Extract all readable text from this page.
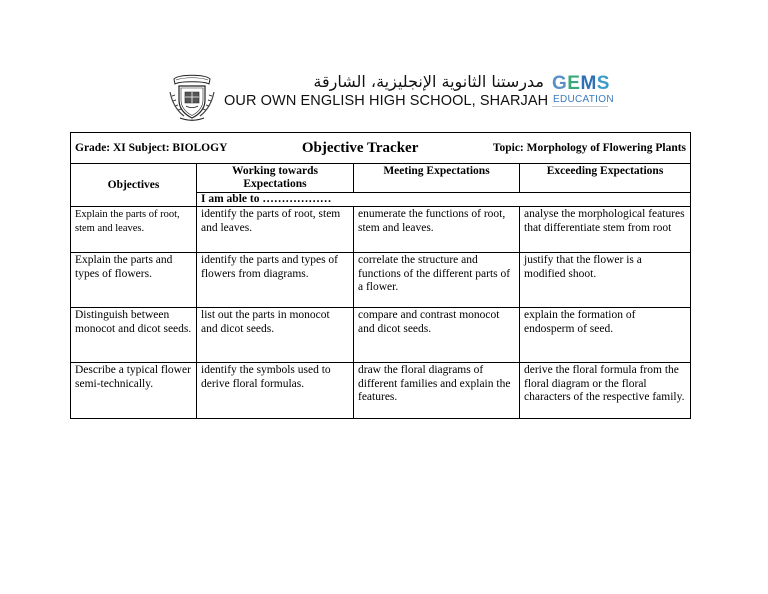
مدرستنا الثانوية الإنجليزية، الشارقة
OUR OWN ENGLISH HIGH SCHOOL, SHARJAH
GEMS
EDUCATION
Grade: XI Subject: BIOLOGY Objective Tracker Topic: Morphology of Flowering Plants			

Objectives	Working towards Expectations	Meeting Expectations	Exceeding Expectations
	I am able to ………………		
Explain the parts of root, stem and leaves.	identify the parts of root, stem and leaves.	enumerate the functions of root, stem and leaves.	analyse the morphological features that differentiate stem from root
Explain the parts and types of flowers.	identify the parts and types of flowers from diagrams.	correlate the structure and functions of the different parts of a flower.	justify that the flower is a modified shoot.
Distinguish between monocot and dicot seeds.	list out the parts in monocot and dicot seeds.	compare and contrast monocot and dicot seeds.	explain the formation of endosperm of seed.
Describe a typical flower semi-technically.	identify the symbols used to derive floral formulas.	draw the floral diagrams of different families and explain the features.	derive the floral formula from the floral diagram or the floral characters of the respective family.
